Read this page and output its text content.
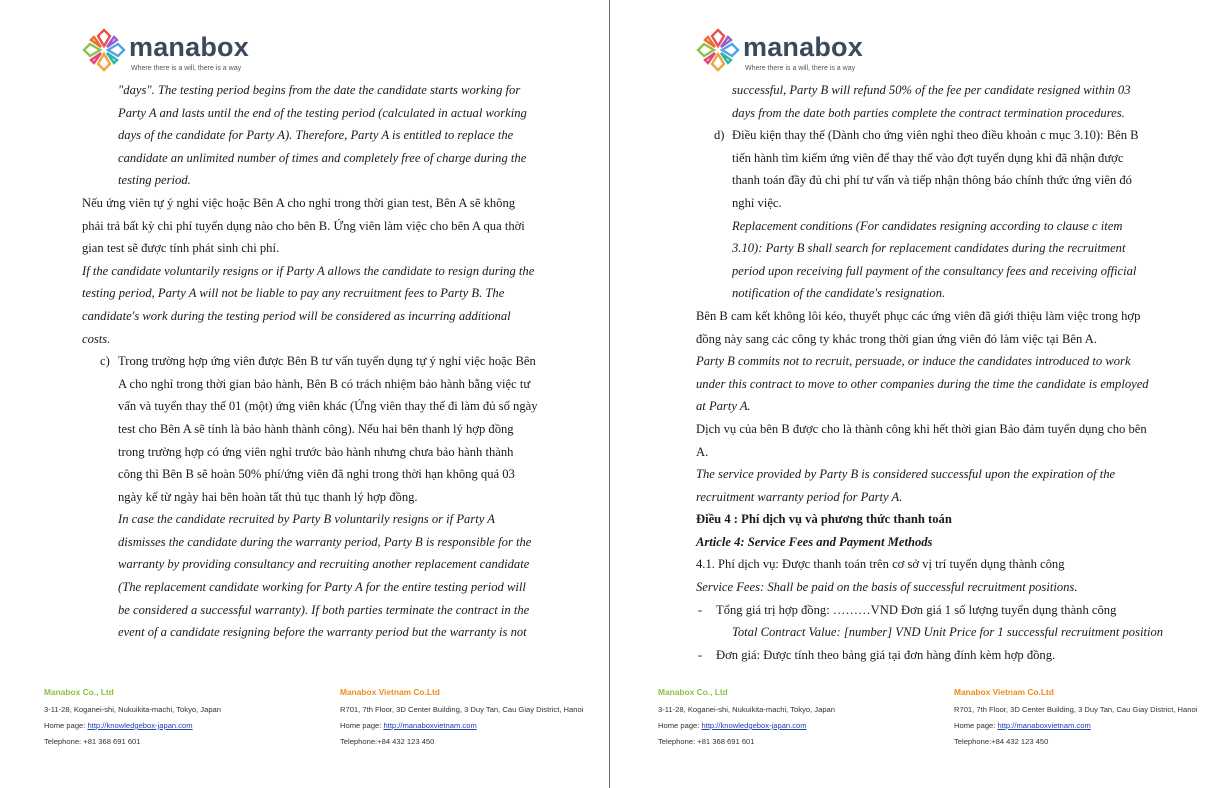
manabox
Where there is a will, there is a way
"days". The testing period begins from the date the candidate starts working for
Party A and lasts until the end of the testing period (calculated in actual working
days of the candidate for Party A). Therefore, Party A is entitled to replace the
candidate an unlimited number of times and completely free of charge during the
testing period.
Nếu ứng viên tự ý nghỉ việc hoặc Bên A cho nghỉ trong thời gian test, Bên A sẽ không
phải trả bất kỳ chi phí tuyển dụng nào cho bên B. Ứng viên làm việc cho bên A qua thời
gian test sẽ được tính phát sinh chi phí.
If the candidate voluntarily resigns or if Party A allows the candidate to resign during the
testing period, Party A will not be liable to pay any recruitment fees to Party B. The
candidate's work during the testing period will be considered as incurring additional
costs.
c) Trong trường hợp ứng viên được Bên B tư vấn tuyển dụng tự ý nghỉ việc hoặc Bên
A cho nghỉ trong thời gian bảo hành, Bên B có trách nhiệm bảo hành bằng việc tư
vấn và tuyển thay thế 01 (một) ứng viên khác (Ứng viên thay thế đi làm đủ số ngày
test cho Bên A sẽ tính là bảo hành thành công). Nếu hai bên thanh lý hợp đồng
trong trường hợp có ứng viên nghỉ trước bảo hành nhưng chưa bảo hành thành
công thì Bên B sẽ hoàn 50% phí/ứng viên đã nghỉ trong thời hạn không quá 03
ngày kể từ ngày hai bên hoàn tất thủ tục thanh lý hợp đồng.
In case the candidate recruited by Party B voluntarily resigns or if Party A
dismisses the candidate during the warranty period, Party B is responsible for the
warranty by providing consultancy and recruiting another replacement candidate
(The replacement candidate working for Party A for the entire testing period will
be considered a successful warranty). If both parties terminate the contract in the
event of a candidate resigning before the warranty period but the warranty is not
Manabox Co., Ltd
3-11-28, Koganei-shi, Nukuikita-machi, Tokyo, Japan
Home page: http://knowledgebox-japan.com
Telephone: +81 368 691 601
Manabox Vietnam Co.Ltd
R701, 7th Floor, 3D Center Building, 3 Duy Tan, Cau Giay District, Hanoi
Home page: http://manaboxvietnam.com
Telephone:+84 432 123 450
manabox
Where there is a will, there is a way
successful, Party B will refund 50% of the fee per candidate resigned within 03
days from the date both parties complete the contract termination procedures.
d) Điều kiện thay thế (Dành cho ứng viên nghỉ theo điều khoản c mục 3.10): Bên B
tiến hành tìm kiếm ứng viên để thay thế vào đợt tuyển dụng khi đã nhận được
thanh toán đầy đủ chi phí tư vấn và tiếp nhận thông báo chính thức ứng viên đó
nghỉ việc.
Replacement conditions (For candidates resigning according to clause c item
3.10): Party B shall search for replacement candidates during the recruitment
period upon receiving full payment of the consultancy fees and receiving official
notification of the candidate's resignation.
Bên B cam kết không lôi kéo, thuyết phục các ứng viên đã giới thiệu làm việc trong hợp
đồng này sang các công ty khác trong thời gian ứng viên đó làm việc tại Bên A.
Party B commits not to recruit, persuade, or induce the candidates introduced to work
under this contract to move to other companies during the time the candidate is employed
at Party A.
Dịch vụ của bên B được cho là thành công khi hết thời gian Bảo đảm tuyển dụng cho bên
A.
The service provided by Party B is considered successful upon the expiration of the
recruitment warranty period for Party A.
Điều 4 : Phí dịch vụ và phương thức thanh toán
Article 4: Service Fees and Payment Methods
4.1. Phí dịch vụ: Được thanh toán trên cơ sở vị trí tuyển dụng thành công
Service Fees: Shall be paid on the basis of successful recruitment positions.
- Tổng giá trị hợp đồng: ………VND Đơn giá 1 số lượng tuyển dụng thành công
Total Contract Value: [number] VND Unit Price for 1 successful recruitment position
- Đơn giá: Được tính theo bảng giá tại đơn hàng đính kèm hợp đồng.
Manabox Co., Ltd
3-11-28, Koganei-shi, Nukuikita-machi, Tokyo, Japan
Home page: http://knowledgebox-japan.com
Telephone: +81 368 691 601
Manabox Vietnam Co.Ltd
R701, 7th Floor, 3D Center Building, 3 Duy Tan, Cau Giay District, Hanoi
Home page: http://manaboxvietnam.com
Telephone:+84 432 123 450
